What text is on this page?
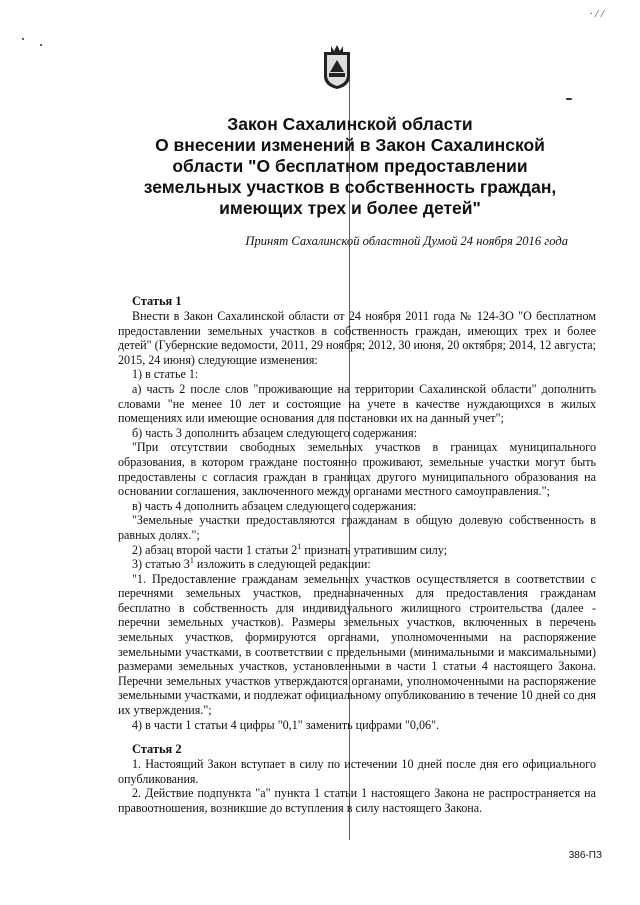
· / /
Закон Сахалинской области
О внесении изменений в Закон Сахалинской
области "О бесплатном предоставлении
земельных участков в собственность граждан,
имеющих трех и более детей"
Принят Сахалинской областной Думой 24 ноября 2016 года
Статья 1

Внести в Закон Сахалинской области от 24 ноября 2011 года № 124-ЗО "О бесплатном предоставлении земельных участков в собственность граждан, имеющих трех и более детей" (Губернские ведомости, 2011, 29 ноября; 2012, 30 июня, 20 октября; 2014, 12 августа; 2015, 24 июня) следующие изменения:

1) в статье 1:

а) часть 2 после слов "проживающие на территории Сахалинской области" дополнить словами "не менее 10 лет и состоящие на учете в качестве нуждающихся в жилых помещениях или имеющие основания для постановки их на данный учет";

б) часть 3 дополнить абзацем следующего содержания:

"При отсутствии свободных земельных участков в границах муниципального образования, в котором граждане постоянно проживают, земельные участки могут быть предоставлены с согласия граждан в границах другого муниципального образования на основании соглашения, заключенного между органами местного самоуправления.";

в) часть 4 дополнить абзацем следующего содержания:

"Земельные участки предоставляются гражданам в общую долевую собственность в равных долях.";

2) абзац второй части 1 статьи $2^1$ признать утратившим силу;

3) статью $3^1$ изложить в следующей редакции:

"1. Предоставление гражданам земельных участков осуществляется в соответствии с перечнями земельных участков, предназначенных для предоставления гражданам бесплатно в собственность для индивидуального жилищного строительства (далее - перечни земельных участков). Размеры земельных участков, включенных в перечень земельных участков, формируются органами, уполномоченными на распоряжение земельными участками, в соответствии с предельными (минимальными и максимальными) размерами земельных участков, установленными в части 1 статьи 4 настоящего Закона. Перечни земельных участков утверждаются органами, уполномоченными на распоряжение земельными участками, и подлежат официальному опубликованию в течение 10 дней со дня их утверждения.";

4) в части 1 статьи 4 цифры "0,1" заменить цифрами "0,06".

Статья 2

1. Настоящий Закон вступает в силу по истечении 10 дней после дня его официального опубликования.

2. Действие подпункта "а" пункта 1 статьи 1 настоящего Закона не распространяется на правоотношения, возникшие до вступления в силу настоящего Закона.

386-ПЗ
